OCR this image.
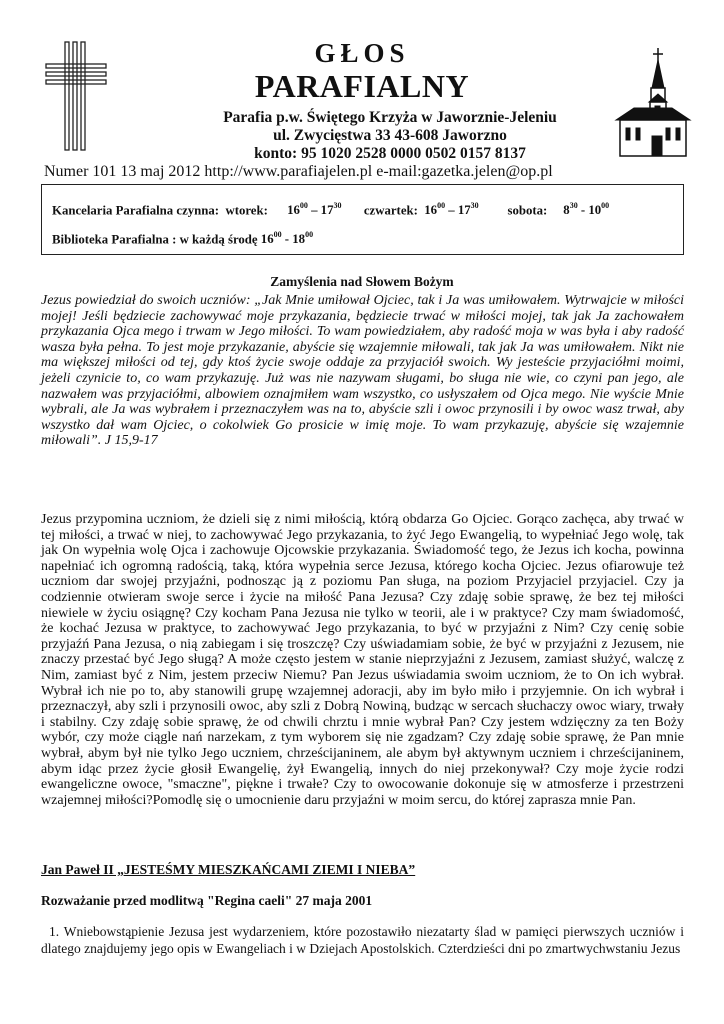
GŁOS
PARAFIALNY
Parafia p.w. Świętego Krzyża w Jaworznie-Jeleniu
ul. Zwycięstwa 33 43-608 Jaworzno
konto: 95 1020 2528 0000 0502 0157 8137
Numer 101 13 maj 2012 http://www.parafiajelen.pl e-mail:gazetka.jelen@op.pl
Kancelaria Parafialna czynna: wtorek: $16^{00} - 17^{30}$ czwartek: $16^{00} - 17^{30}$ sobota: $8^{30} - 10^{00}$
Biblioteka Parafialna : w każdą środę $16^{00} - 18^{00}$
Zamyślenia nad Słowem Bożym
Jezus powiedział do swoich uczniów: „Jak Mnie umiłował Ojciec, tak i Ja was umiłowałem. Wytrwajcie w miłości mojej! Jeśli będziecie zachowywać moje przykazania, będziecie trwać w miłości mojej, tak jak Ja zachowałem przykazania Ojca mego i trwam w Jego miłości. To wam powiedziałem, aby radość moja w was była i aby radość wasza była pełna. To jest moje przykazanie, abyście się wzajemnie miłowali, tak jak Ja was umiłowałem. Nikt nie ma większej miłości od tej, gdy ktoś życie swoje oddaje za przyjaciół swoich. Wy jesteście przyjaciółmi moimi, jeżeli czynicie to, co wam przykazuję. Już was nie nazywam sługami, bo sługa nie wie, co czyni pan jego, ale nazwałem was przyjaciółmi, albowiem oznajmiłem wam wszystko, co usłyszałem od Ojca mego. Nie wyście Mnie wybrali, ale Ja was wybrałem i przeznaczyłem was na to, abyście szli i owoc przynosili i by owoc wasz trwał, aby wszystko dał wam Ojciec, o cokolwiek Go prosicie w imię moje. To wam przykazuję, abyście się wzajemnie miłowali”. J 15,9-17
Jezus przypomina uczniom, że dzieli się z nimi miłością, którą obdarza Go Ojciec. Gorąco zachęca, aby trwać w tej miłości, a trwać w niej, to zachowywać Jego przykazania, to żyć Jego Ewangelią, to wypełniać Jego wolę, tak jak On wypełnia wolę Ojca i zachowuje Ojcowskie przykazania. Świadomość tego, że Jezus ich kocha, powinna napełniać ich ogromną radością, taką, która wypełnia serce Jezusa, którego kocha Ojciec. Jezus ofiarowuje też uczniom dar swojej przyjaźni, podnosząc ją z poziomu Pan sługa, na poziom Przyjaciel przyjaciel. Czy ja codziennie otwieram swoje serce i życie na miłość Pana Jezusa? Czy zdaję sobie sprawę, że bez tej miłości niewiele w życiu osiągnę? Czy kocham Pana Jezusa nie tylko w teorii, ale i w praktyce? Czy mam świadomość, że kochać Jezusa w praktyce, to zachowywać Jego przykazania, to być w przyjaźni z Nim? Czy cenię sobie przyjaźń Pana Jezusa, o nią zabiegam i się troszczę? Czy uświadamiam sobie, że być w przyjaźni z Jezusem, nie znaczy przestać być Jego sługą? A może często jestem w stanie nieprzyjaźni z Jezusem, zamiast służyć, walczę z Nim, zamiast być z Nim, jestem przeciw Niemu? Pan Jezus uświadamia swoim uczniom, że to On ich wybrał. Wybrał ich nie po to, aby stanowili grupę wzajemnej adoracji, aby im było miło i przyjemnie. On ich wybrał i przeznaczył, aby szli i przynosili owoc, aby szli z Dobrą Nowiną, budząc w sercach słuchaczy owoc wiary, trwały i stabilny. Czy zdaję sobie sprawę, że od chwili chrztu i mnie wybrał Pan? Czy jestem wdzięczny za ten Boży wybór, czy może ciągle nań narzekam, z tym wyborem się nie zgadzam? Czy zdaję sobie sprawę, że Pan mnie wybrał, abym był nie tylko Jego uczniem, chrześcijaninem, ale abym był aktywnym uczniem i chrześcijaninem, abym idąc przez życie głosił Ewangelię, żył Ewangelią, innych do niej przekonywał? Czy moje życie rodzi ewangeliczne owoce, "smaczne", piękne i trwałe? Czy to owocowanie dokonuje się w atmosferze i przestrzeni wzajemnej miłości?Pomodlę się o umocnienie daru przyjaźni w moim sercu, do której zaprasza mnie Pan.
Jan Paweł II „JESTEŚMY MIESZKAŃCAMI ZIEMI I NIEBA”
Rozważanie przed modlitwą "Regina caeli" 27 maja 2001
1. Wniebowstąpienie Jezusa jest wydarzeniem, które pozostawiło niezatarty ślad w pamięci pierwszych uczniów i dlatego znajdujemy jego opis w Ewangeliach i w Dziejach Apostolskich. Czterdzieści dni po zmartwychwstaniu Jezus
